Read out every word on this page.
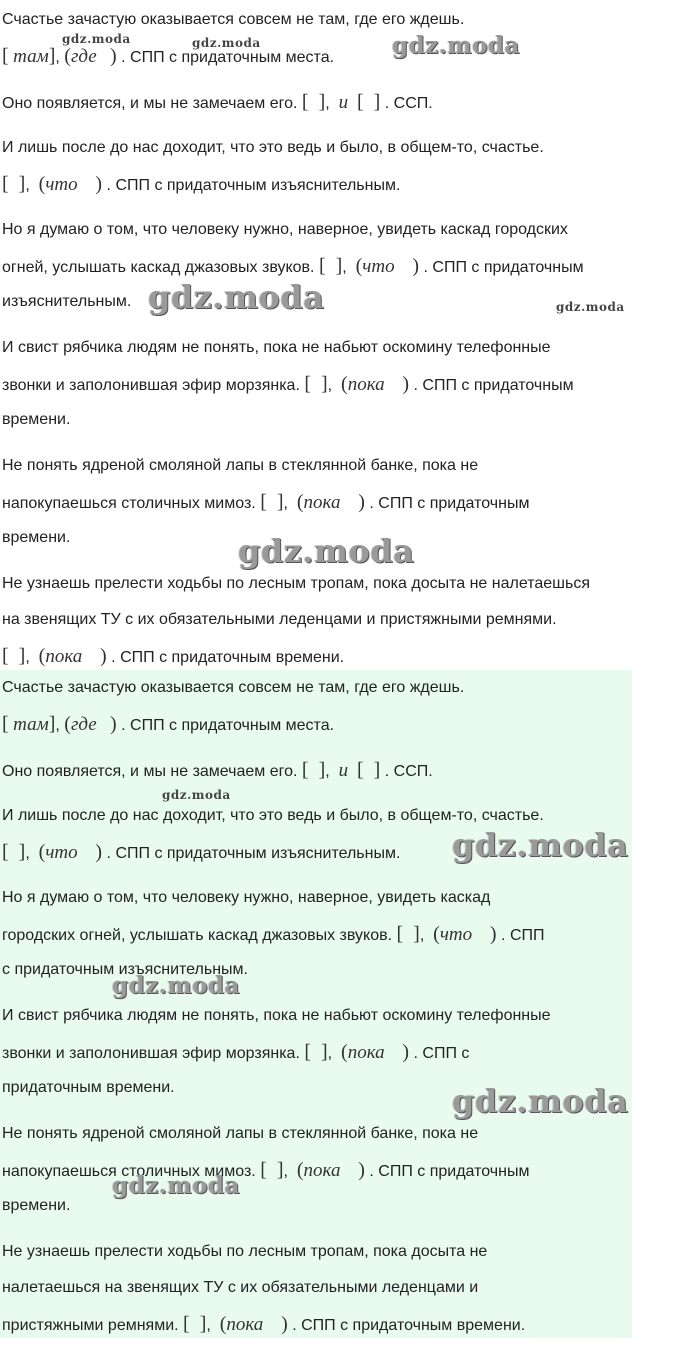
Счастье зачастую оказывается совсем не там, где его ждешь.
[ там], (где ) . СПП с придаточным места.
Оно появляется, и мы не замечаем его. [  ],  и [  ] . ССП.
И лишь после до нас доходит, что это ведь и было, в общем-то, счастье.
[  ],  (что ) . СПП с придаточным изъяснительным.
Но я думаю о том, что человеку нужно, наверное, увидеть каскад городских
огней, услышать каскад джазовых звуков. [  ],  (что ) . СПП с придаточным
изъяснительным.
И свист рябчика людям не понять, пока не набьют оскомину телефонные
звонки и заполонившая эфир морзянка. [  ],  (пока ) . СПП с придаточным
времени.
Не понять ядреной смоляной лапы в стеклянной банке, пока не
напокупаешься столичных мимоз. [  ],  (пока ) . СПП с придаточным
времени.
Не узнаешь прелести ходьбы по лесным тропам, пока досыта не налетаешься
на звенящих ТУ с их обязательными леденцами и пристяжными ремнями.
[  ],  (пока ) . СПП с придаточным времени.
Счастье зачастую оказывается совсем не там, где его ждешь.
[ там], (где ) . СПП с придаточным места.
Оно появляется, и мы не замечаем его. [  ],  и [  ] . ССП.
И лишь после до нас доходит, что это ведь и было, в общем-то, счастье.
[  ],  (что ) . СПП с придаточным изъяснительным.
Но я думаю о том, что человеку нужно, наверное, увидеть каскад
городских огней, услышать каскад джазовых звуков. [  ],  (что ) . СПП
с придаточным изъяснительным.
И свист рябчика людям не понять, пока не набьют оскомину телефонные
звонки и заполонившая эфир морзянка. [  ],  (пока ) . СПП с
придаточным времени.
Не понять ядреной смоляной лапы в стеклянной банке, пока не
напокупаешься столичных мимоз. [  ],  (пока ) . СПП с придаточным
времени.
Не узнаешь прелести ходьбы по лесным тропам, пока досыта не
налетаешься на звенящих ТУ с их обязательными леденцами и
пристяжными ремнями. [  ],  (пока ) . СПП с придаточным времени.
gdz.moda	gdz.moda	gdz.moda
gdz.moda	gdz.moda
gdz.moda
gdz.moda
gdz.moda
gdz.moda
gdz.moda
gdz.moda
